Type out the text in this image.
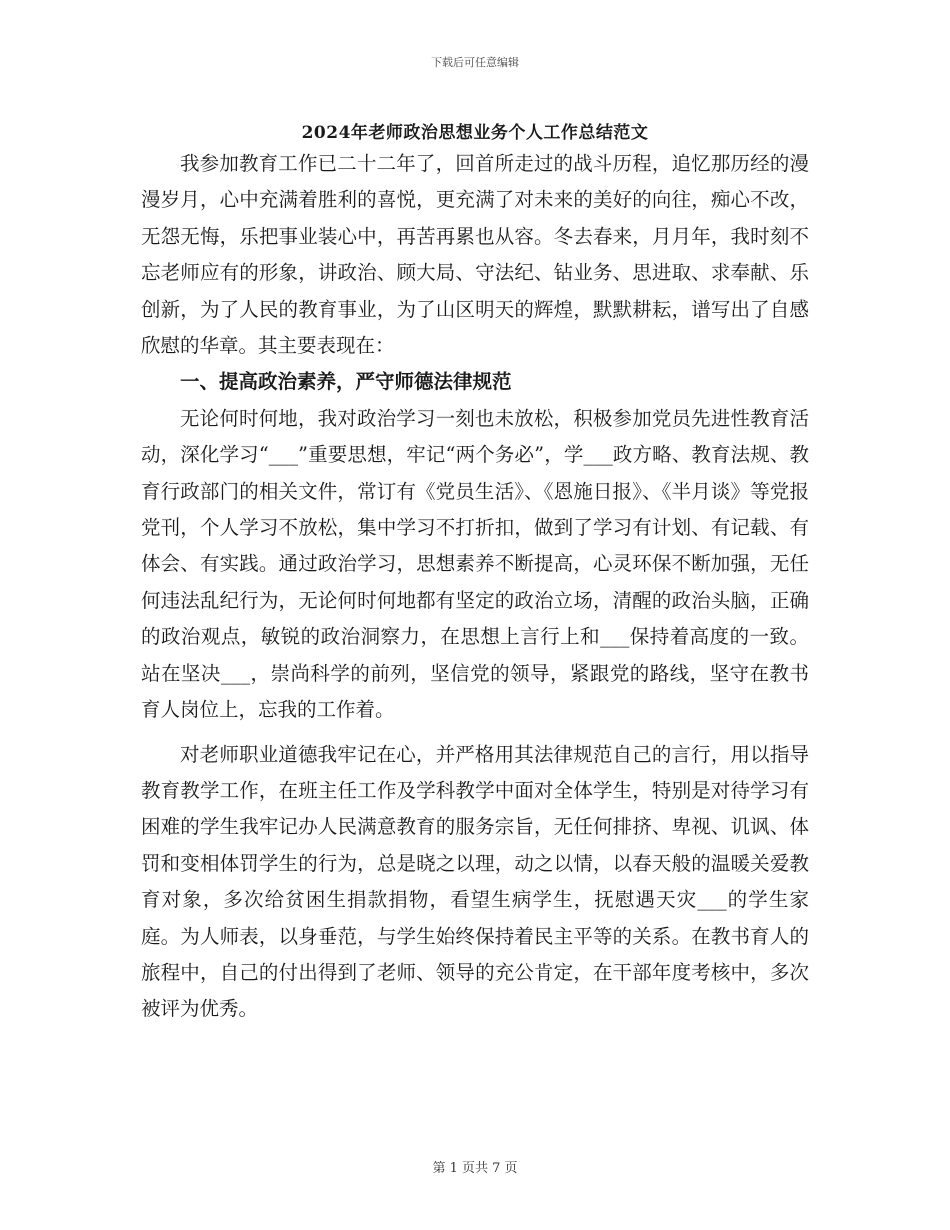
下载后可任意编辑
2024年老师政治思想业务个人工作总结范文

我参加教育工作已二十二年了，回首所走过的战斗历程，追忆那历经的漫漫岁月，心中充满着胜利的喜悦，更充满了对未来的美好的向往，痴心不改，无怨无悔，乐把事业装心中，再苦再累也从容。冬去春来，月月年，我时刻不忘老师应有的形象，讲政治、顾大局、守法纪、钻业务、思进取、求奉献、乐创新，为了人民的教育事业，为了山区明天的辉煌，默默耕耘，谱写出了自感欣慰的华章。其主要表现在：

一、提高政治素养，严守师德法律规范

无论何时何地，我对政治学习一刻也未放松，积极参加党员先进性教育活动，深化学习“___”重要思想，牢记“两个务必”，学___政方略、教育法规、教育行政部门的相关文件，常订有《党员生活》、《恩施日报》、《半月谈》等党报党刊，个人学习不放松，集中学习不打折扣，做到了学习有计划、有记载、有体会、有实践。通过政治学习，思想素养不断提高，心灵环保不断加强，无任何违法乱纪行为，无论何时何地都有坚定的政治立场，清醒的政治头脑，正确的政治观点，敏锐的政治洞察力，在思想上言行上和___保持着高度的一致。站在坚决___，崇尚科学的前列，坚信党的领导，紧跟党的路线，坚守在教书育人岗位上，忘我的工作着。

对老师职业道德我牢记在心，并严格用其法律规范自己的言行，用以指导教育教学工作，在班主任工作及学科教学中面对全体学生，特别是对待学习有困难的学生我牢记办人民满意教育的服务宗旨，无任何排挤、卑视、讥讽、体罚和变相体罚学生的行为，总是晓之以理，动之以情，以春天般的温暖关爱教育对象，多次给贫困生捐款捐物，看望生病学生，抚慰遇天灾___的学生家庭。为人师表，以身垂范，与学生始终保持着民主平等的关系。在教书育人的旅程中，自己的付出得到了老师、领导的充公肯定，在干部年度考核中，多次被评为优秀。

第 1 页共 7 页
